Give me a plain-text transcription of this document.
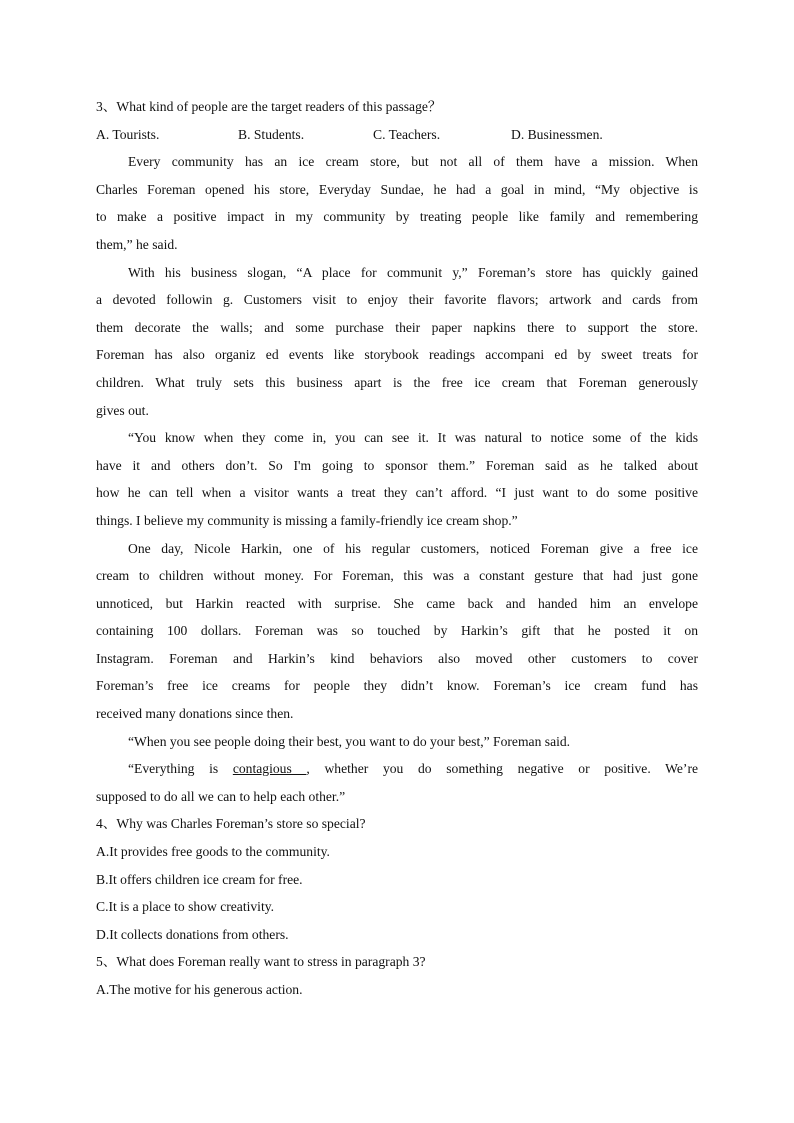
3、What kind of people are the target readers of this passage？
A. Tourists.	B. Students.	C. Teachers.	D. Businessmen.
Every community has an ice cream store, but not all of them have a mission. When
Charles Foreman opened his store, Everyday Sundae, he had a goal in mind, “My objective is
to make a positive impact in my community by treating people like family and remembering
them,” he said.
With his business slogan, “A place for communit y,” Foreman’s store has quickly gained
a devoted followin g. Customers visit to enjoy their favorite flavors; artwork and cards from
them decorate the walls; and some purchase their paper napkins there to support the store.
Foreman has also organiz ed events like storybook readings accompani ed by sweet treats for
children. What truly sets this business apart is the free ice cream that Foreman generously
gives out.
“You know when they come in, you can see it. It was natural to notice some of the kids
have it and others don’t. So I'm going to sponsor them.” Foreman said as he talked about
how he can tell when a visitor wants a treat they can’t afford. “I just want to do some positive
things. I believe my community is missing a family-friendly ice cream shop.”
One day, Nicole Harkin, one of his regular customers, noticed Foreman give a free ice
cream to children without money. For Foreman, this was a constant gesture that had just gone
unnoticed, but Harkin reacted with surprise. She came back and handed him an envelope
containing 100 dollars. Foreman was so touched by Harkin’s gift that he posted it on
Instagram. Foreman and Harkin’s kind behaviors also moved other customers to cover
Foreman’s free ice creams for people they didn’t know. Foreman’s ice cream fund has
received many donations since then.
“When you see people doing their best, you want to do your best,” Foreman said.
“Everything is contagious , whether you do something negative or positive. We’re
supposed to do all we can to help each other.”
4、Why was Charles Foreman’s store so special?
A.It provides free goods to the community.
B.It offers children ice cream for free.
C.It is a place to show creativity.
D.It collects donations from others.
5、What does Foreman really want to stress in paragraph 3?
A.The motive for his generous action.
